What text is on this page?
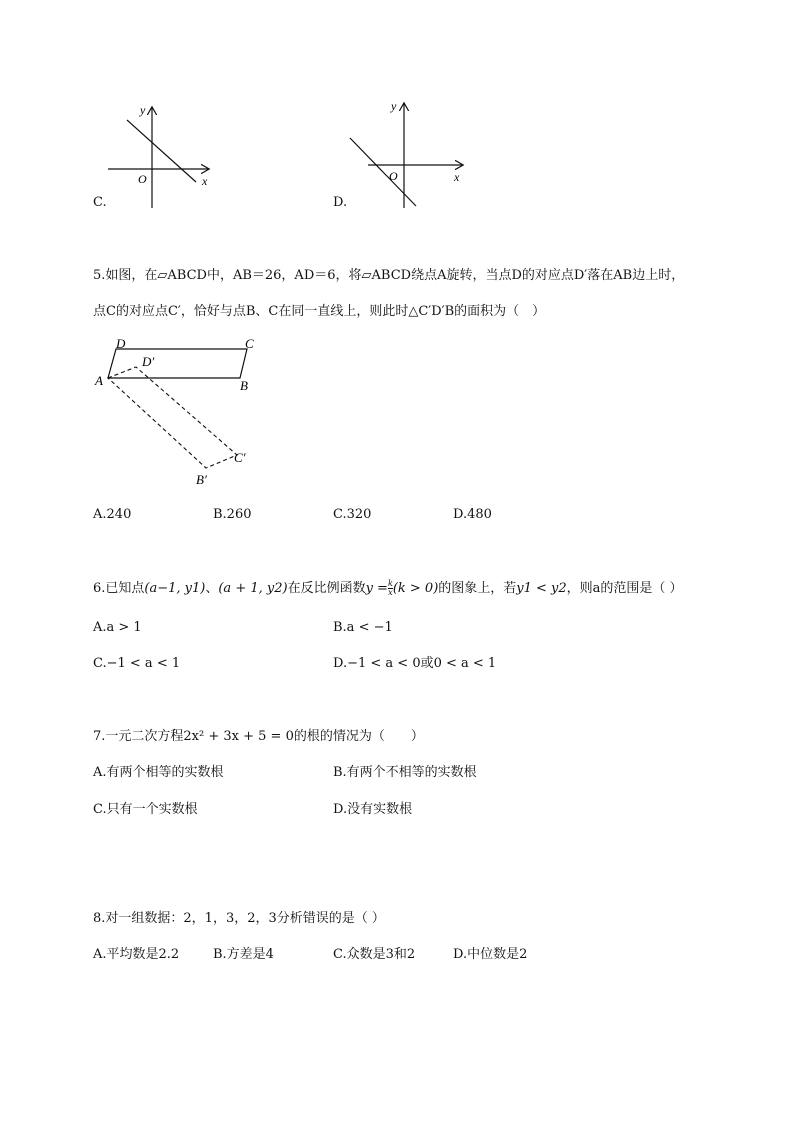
x
y
O
C.
x
y
O
D.
5.如图，在▱ABCD中，AB＝26，AD＝6，将▱ABCD绕点A旋转，当点D的对应点D′落在AB边上时，
点C的对应点C′，恰好与点B、C在同一直线上，则此时△C′D′B的面积为（　）
D	C
A	B
D′
C′
B′
A.240	B.260	C.320	D.480
6.已知点(a−1, y1)、(a + 1, y2)在反比例函数$y = \frac{k}{x} (k > 0)$的图象上，若y1 < y2，则a的范围是（ ）
A.a > 1	B.a < −1
C.−1 < a < 1	D.−1 < a < 0或0 < a < 1
7.一元二次方程2x² + 3x + 5 = 0的根的情况为（　　）
A.有两个相等的实数根	B.有两个不相等的实数根
C.只有一个实数根	D.没有实数根
8.对一组数据：2，1，3，2，3分析错误的是（ ）
A.平均数是2.2	B.方差是4	C.众数是3和2	D.中位数是2
